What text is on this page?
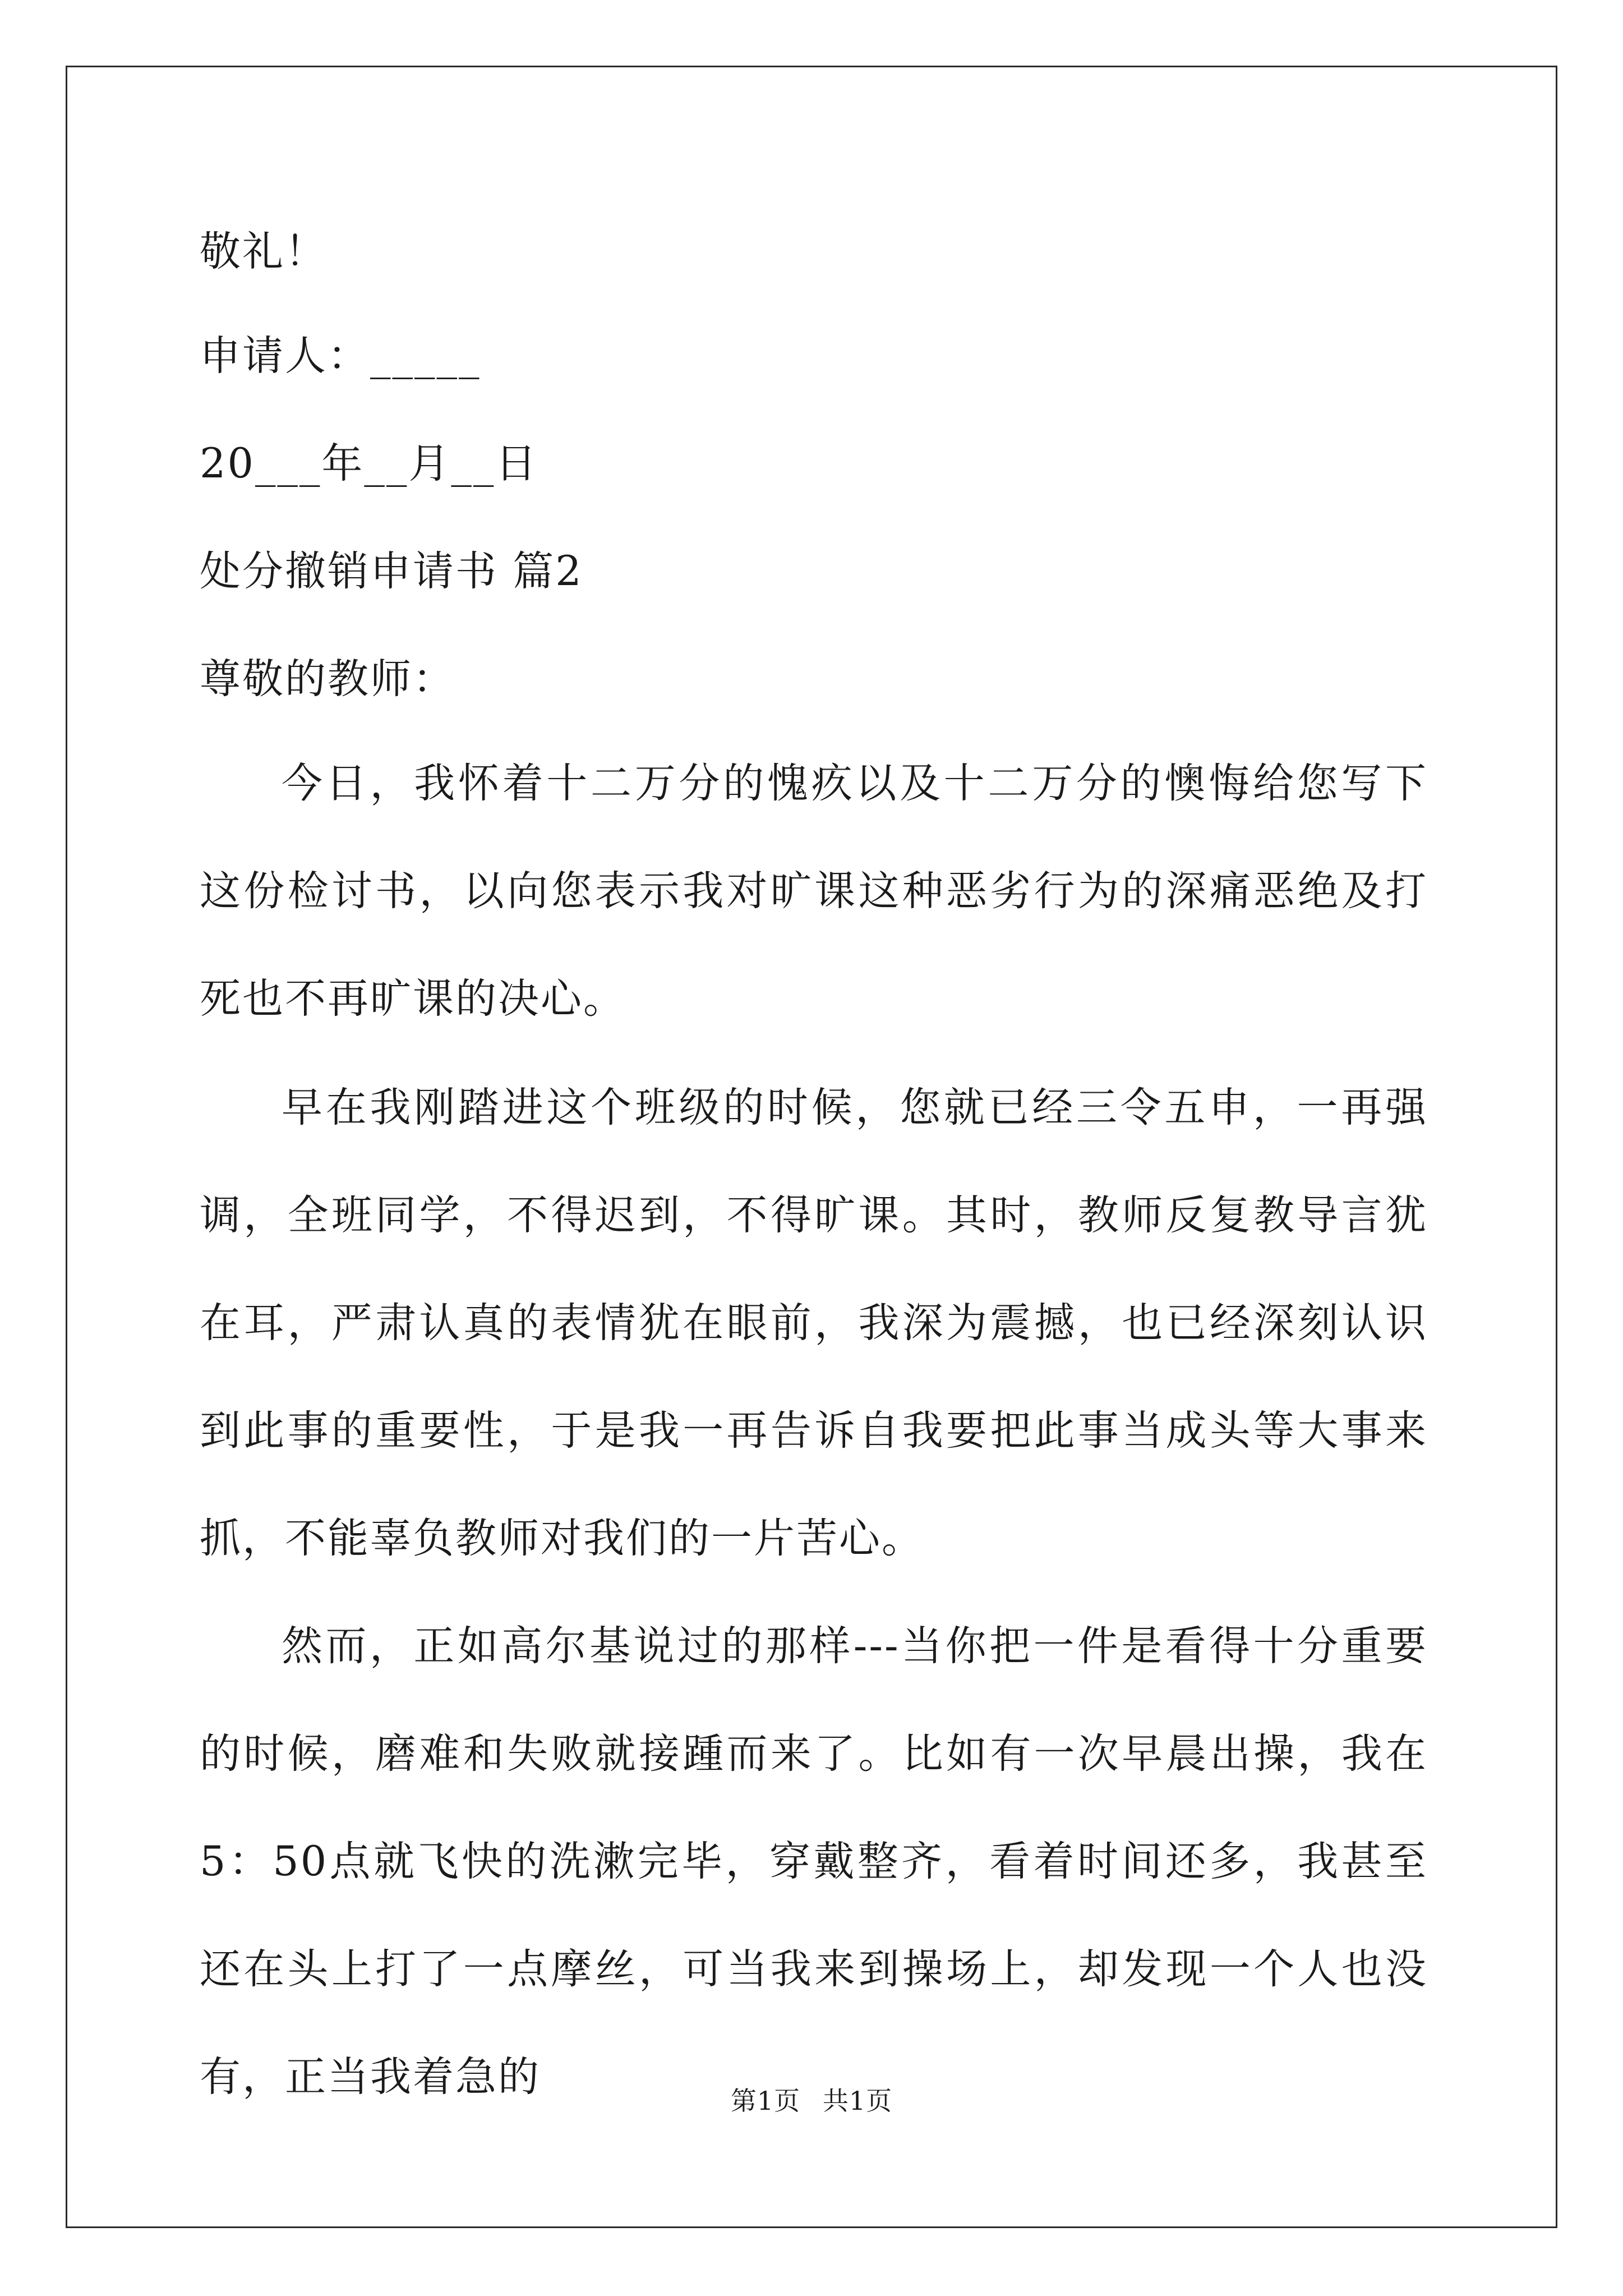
敬礼！
申请人：_____
20___年__月__日
处分撤销申请书 篇2
尊敬的教师：
今日，我怀着十二万分的愧疚以及十二万分的懊悔给您写下这份检讨书，以向您表示我对旷课这种恶劣行为的深痛恶绝及打死也不再旷课的决心。
早在我刚踏进这个班级的时候，您就已经三令五申，一再强调，全班同学，不得迟到，不得旷课。其时，教师反复教导言犹在耳，严肃认真的表情犹在眼前，我深为震撼，也已经深刻认识到此事的重要性，于是我一再告诉自我要把此事当成头等大事来抓，不能辜负教师对我们的一片苦心。
然而，正如高尔基说过的那样---当你把一件是看得十分重要的时候，磨难和失败就接踵而来了。比如有一次早晨出操，我在5：50点就飞快的洗漱完毕，穿戴整齐，看着时间还多，我甚至还在头上打了一点摩丝，可当我来到操场上，却发现一个人也没有，正当我着急的	第1页 共1页
